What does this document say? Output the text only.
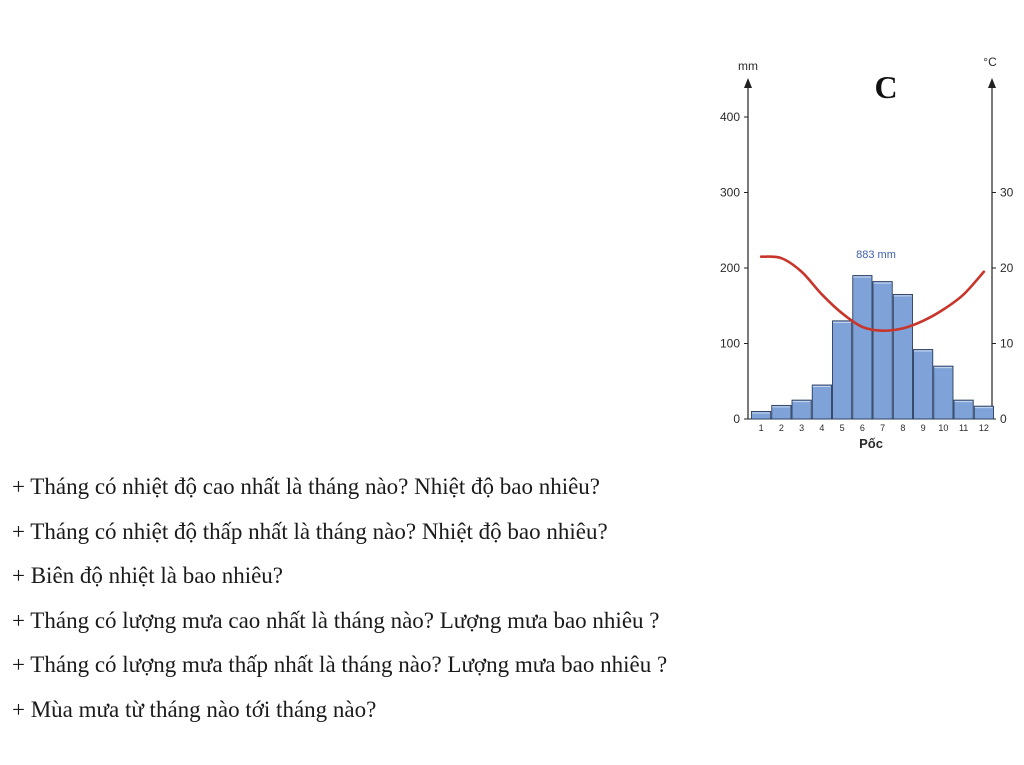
0
100
200
300
400
0
10
20
30
mm	°C
C
1 2 3 4 5 6 7 8 9 10 11 12
883 mm
Pốc
+ Tháng có nhiệt độ cao nhất là tháng nào? Nhiệt độ bao nhiêu?
+ Tháng có nhiệt độ thấp nhất là tháng nào? Nhiệt độ bao nhiêu?
+ Biên độ nhiệt là bao nhiêu?
+ Tháng có lượng mưa cao nhất là tháng nào? Lượng mưa bao nhiêu ?
+ Tháng có lượng mưa thấp nhất là tháng nào? Lượng mưa bao nhiêu ?
+ Mùa mưa từ tháng nào tới tháng nào?
